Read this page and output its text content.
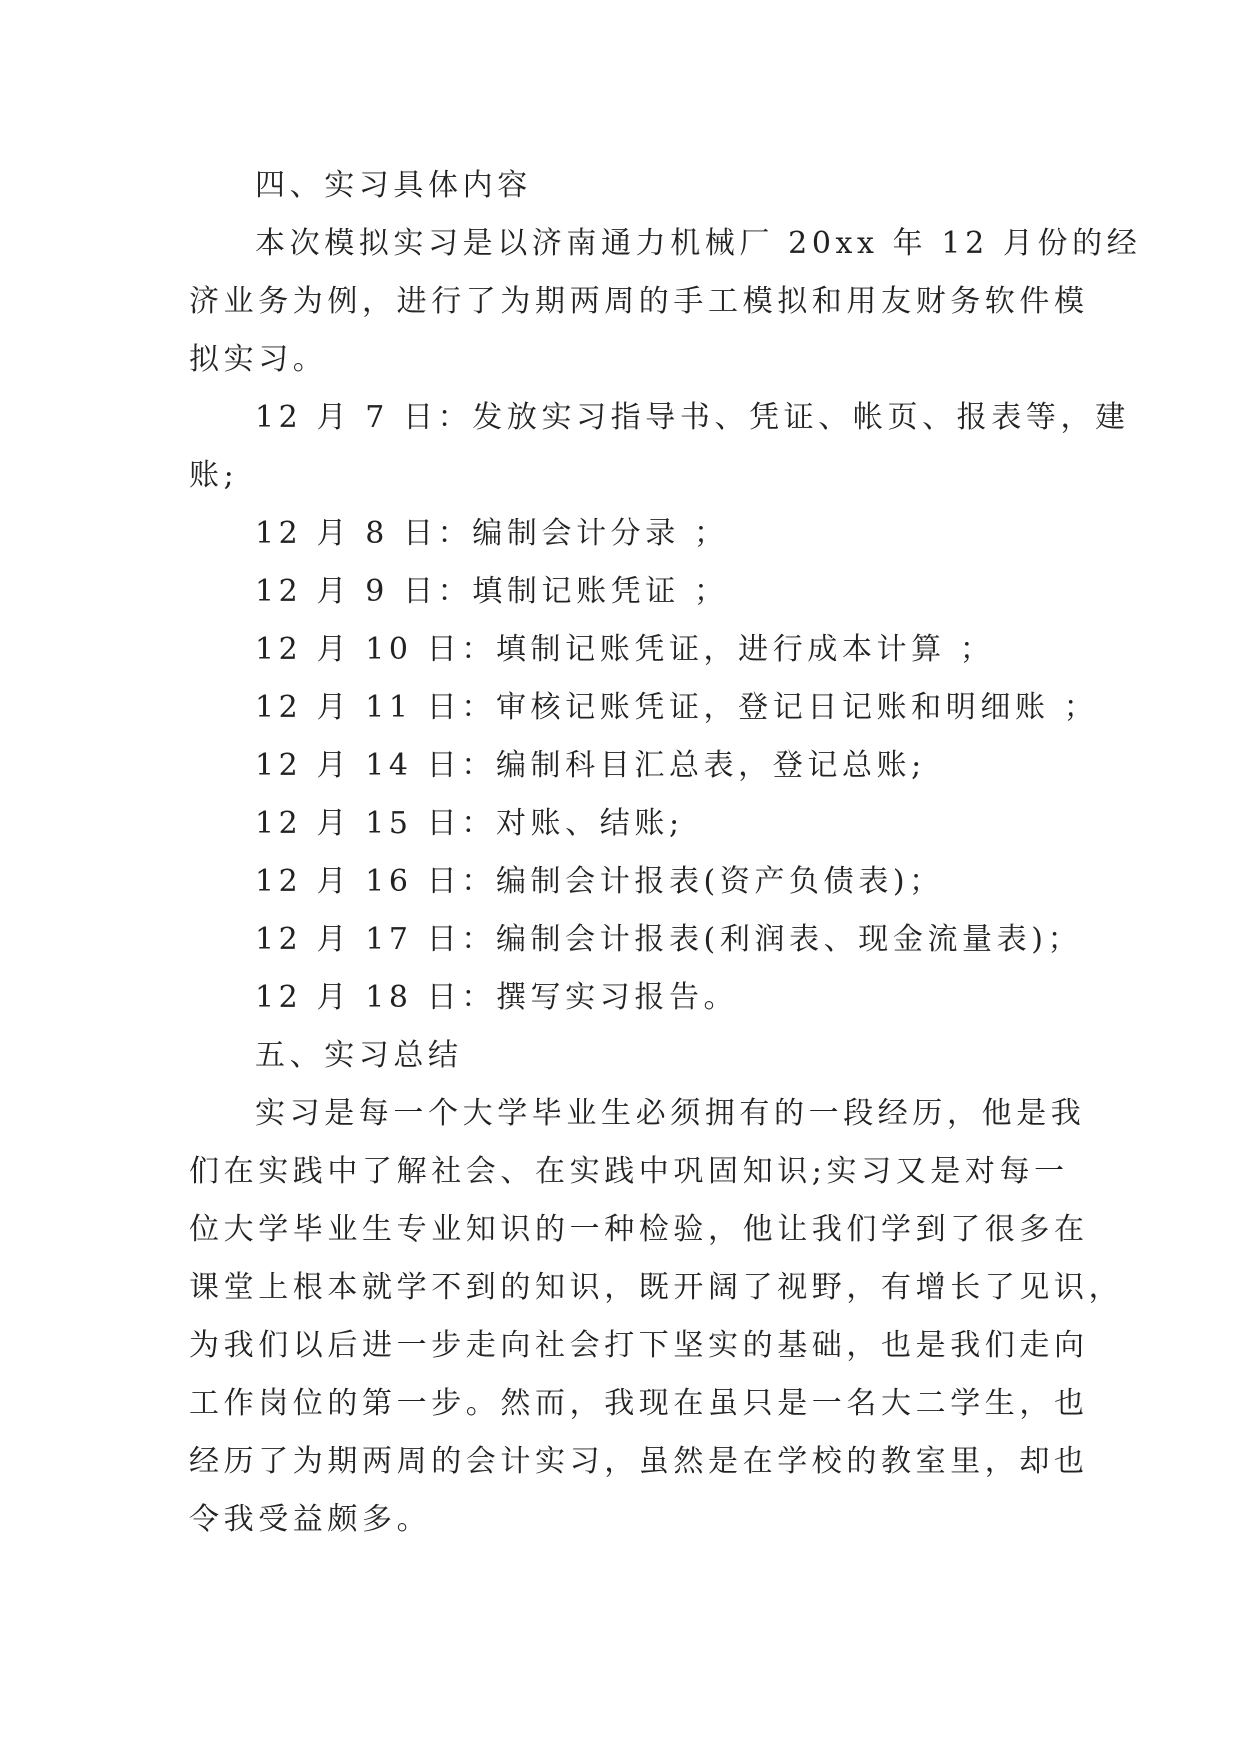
四、实习具体内容
本次模拟实习是以济南通力机械厂 20xx 年 12 月份的经
济业务为例，进行了为期两周的手工模拟和用友财务软件模
拟实习。
12 月 7 日：发放实习指导书、凭证、帐页、报表等，建
账;
12 月 8 日：编制会计分录 ；
12 月 9 日：填制记账凭证 ；
12 月 10 日：填制记账凭证，进行成本计算 ；
12 月 11 日：审核记账凭证，登记日记账和明细账 ；
12 月 14 日：编制科目汇总表，登记总账;
12 月 15 日：对账、结账;
12 月 16 日：编制会计报表(资产负债表)；
12 月 17 日：编制会计报表(利润表、现金流量表)；
12 月 18 日：撰写实习报告。
五、实习总结
实习是每一个大学毕业生必须拥有的一段经历，他是我
们在实践中了解社会、在实践中巩固知识;实习又是对每一
位大学毕业生专业知识的一种检验，他让我们学到了很多在
课堂上根本就学不到的知识，既开阔了视野，有增长了见识，
为我们以后进一步走向社会打下坚实的基础，也是我们走向
工作岗位的第一步。然而，我现在虽只是一名大二学生，也
经历了为期两周的会计实习，虽然是在学校的教室里，却也
令我受益颇多。
